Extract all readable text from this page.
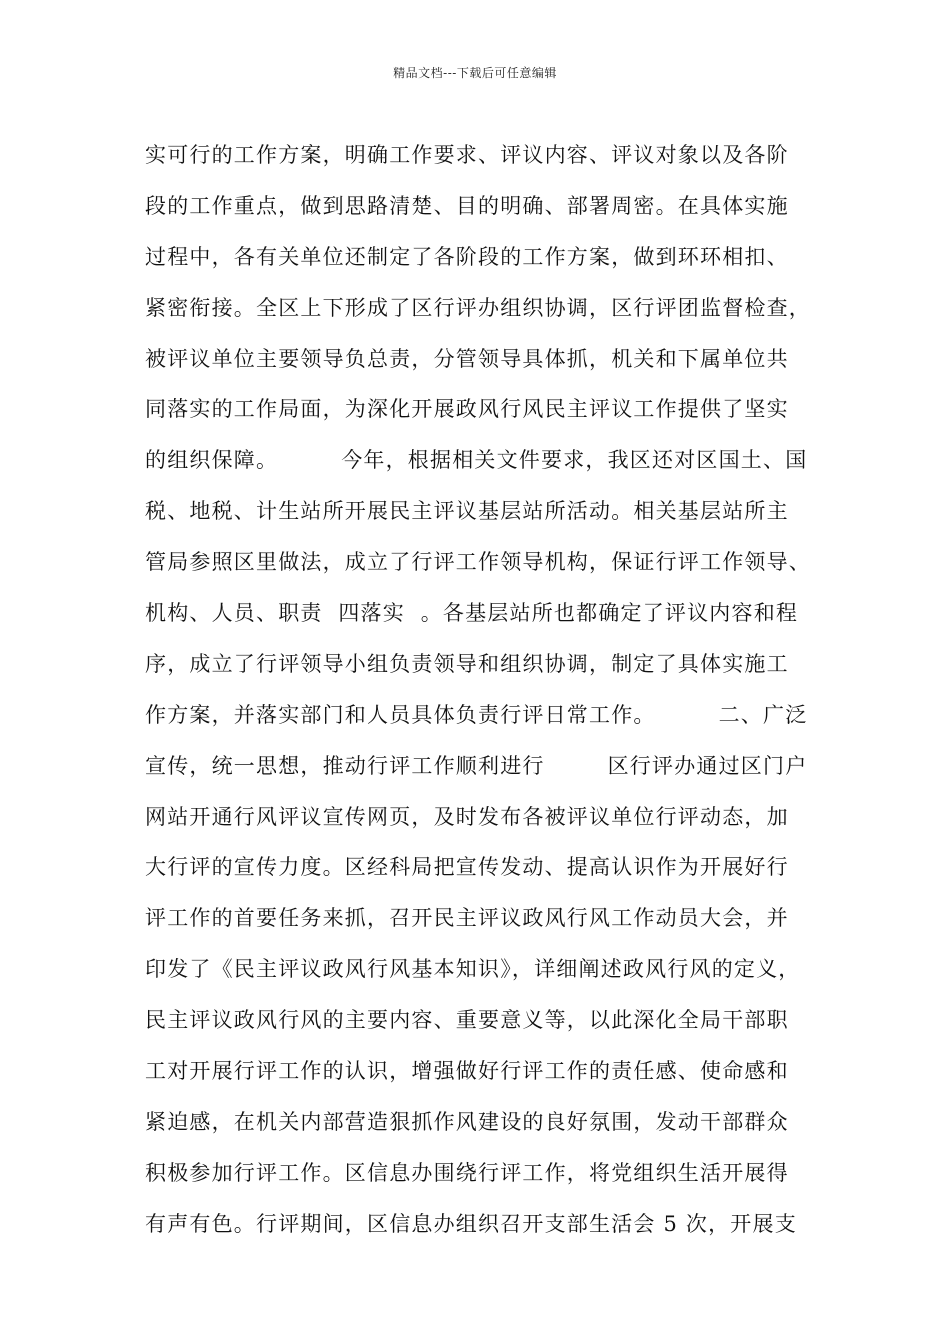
精品文档---下载后可任意编辑
实可行的工作方案，明确工作要求、评议内容、评议对象以及各阶
段的工作重点，做到思路清楚、目的明确、部署周密。在具体实施
过程中，各有关单位还制定了各阶段的工作方案，做到环环相扣、
紧密衔接。全区上下形成了区行评办组织协调，区行评团监督检查，
被评议单位主要领导负总责，分管领导具体抓，机关和下属单位共
同落实的工作局面，为深化开展政风行风民主评议工作提供了坚实
的组织保障。        今年，根据相关文件要求，我区还对区国土、国
税、地税、计生站所开展民主评议基层站所活动。相关基层站所主
管局参照区里做法，成立了行评工作领导机构，保证行评工作领导、
机构、人员、职责  四落实  。各基层站所也都确定了评议内容和程
序，成立了行评领导小组负责领导和组织协调，制定了具体实施工
作方案，并落实部门和人员具体负责行评日常工作。        二、广泛
宣传，统一思想，推动行评工作顺利进行        区行评办通过区门户
网站开通行风评议宣传网页，及时发布各被评议单位行评动态，加
大行评的宣传力度。区经科局把宣传发动、提高认识作为开展好行
评工作的首要任务来抓，召开民主评议政风行风工作动员大会，并
印发了《民主评议政风行风基本知识》，详细阐述政风行风的定义，
民主评议政风行风的主要内容、重要意义等，以此深化全局干部职
工对开展行评工作的认识，增强做好行评工作的责任感、使命感和
紧迫感，在机关内部营造狠抓作风建设的良好氛围，发动干部群众
积极参加行评工作。区信息办围绕行评工作，将党组织生活开展得
有声有色。行评期间，区信息办组织召开支部生活会 5 次，开展支
